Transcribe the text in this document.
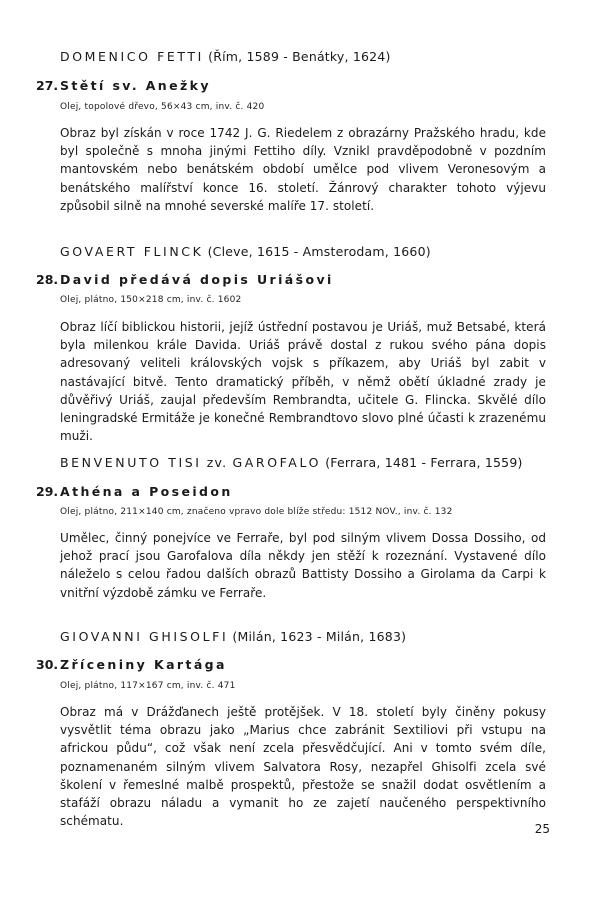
DOMENICO FETTI (Řím, 1589 - Benátky, 1624)
27. Stětí sv. Anežky
Olej, topolové dřevo, 56⨯43 cm, inv. č. 420

Obraz byl získán v roce 1742 J. G. Riedelem z obrazárny Pražského hradu, kde byl společně s mnoha jinými Fettiho díly. Vznikl pravděpodobně v pozdním mantovském nebo benátském období umělce pod vlivem Veronesovým a benátského malířství konce 16. století. Žánrový charakter tohoto výjevu způsobil silně na mnohé severské malíře 17. století.

GOVAERT FLINCK (Cleve, 1615 - Amsterodam, 1660)
28. David předává dopis Uriášovi
Olej, plátno, 150⨯218 cm, inv. č. 1602

Obraz líčí biblickou historii, jejíž ústřední postavou je Uriáš, muž Betsabé, která byla milenkou krále Davida. Uriáš právě dostal z rukou svého pána dopis adresovaný veliteli královských vojsk s příkazem, aby Uriáš byl zabit v nastávající bitvě. Tento dramatický příběh, v němž obětí úkladné zrady je důvěřivý Uriáš, zaujal především Rembrandta, učitele G. Flincka. Skvělé dílo leningradské Ermitáže je konečné Rembrandtovo slovo plné účasti k zrazenému muži.

BENVENUTO TISI zv. GAROFALO (Ferrara, 1481 - Ferrara, 1559)
29. Athéna a Poseidon
Olej, plátno, 211⨯140 cm, značeno vpravo dole blíže středu: 1512 NOV., inv. č. 132

Umělec, činný ponejvíce ve Ferraře, byl pod silným vlivem Dossa Dossiho, od jehož prací jsou Garofalova díla někdy jen stěží k rozeznání. Vystavené dílo náleželo s celou řadou dalších obrazů Battisty Dossiho a Girolama da Carpi k vnitřní výzdobě zámku ve Ferraře.

GIOVANNI GHISOLFI (Milán, 1623 - Milán, 1683)
30. Zříceniny Kartága
Olej, plátno, 117⨯167 cm, inv. č. 471

Obraz má v Drážďanech ještě protějšek. V 18. století byly činěny pokusy vysvětlit téma obrazu jako „Marius chce zabránit Sextiliovi při vstupu na africkou půdu“, což však není zcela přesvědčující. Ani v tomto svém díle, poznamenaném silným vlivem Salvatora Rosy, nezapřel Ghisolfi zcela své školení v řemeslné malbě prospektů, přestože se snažil dodat osvětlením a stafáží obrazu náladu a vymanit ho ze zajetí naučeného perspektivního schématu.

25
